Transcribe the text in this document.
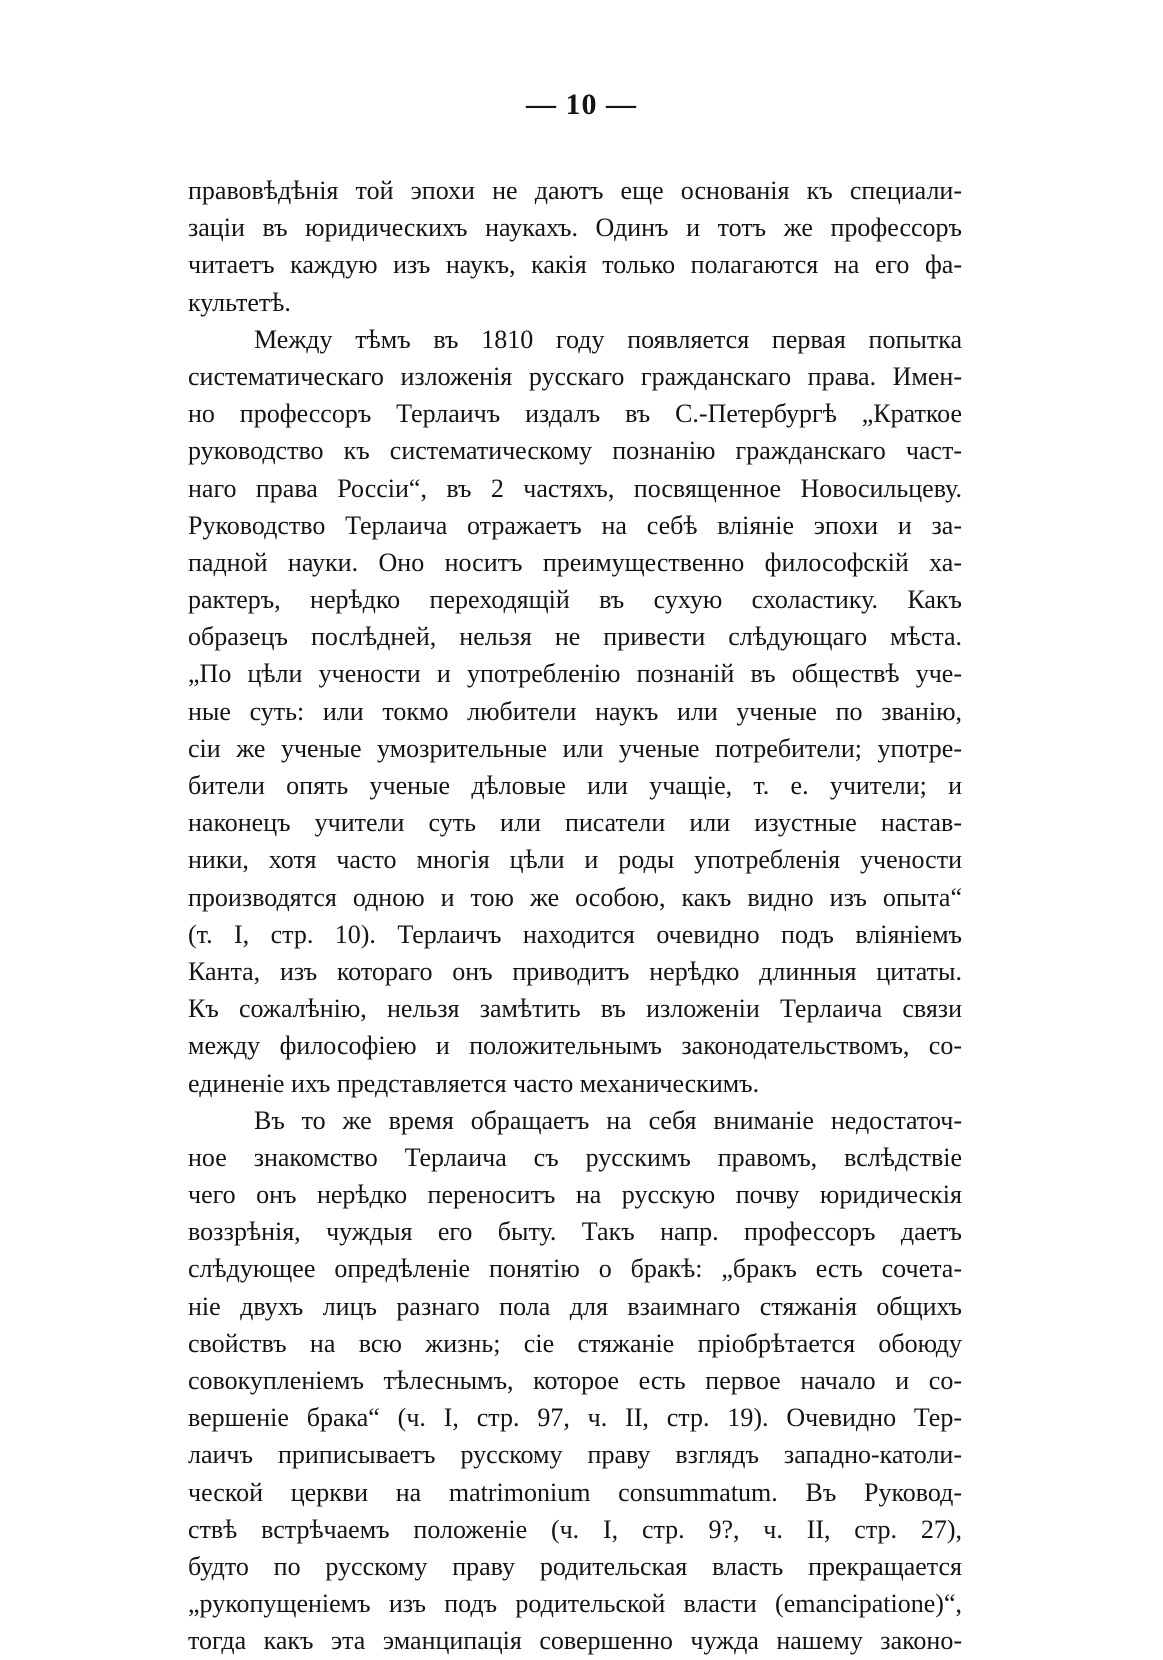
— 10 —
правовѣдѣнія той эпохи не даютъ еще основанія къ специали-
заціи въ юридическихъ наукахъ. Одинъ и тотъ же профессоръ
читаетъ каждую изъ наукъ, какія только полагаются на его фа-
культетѣ.
Между тѣмъ въ 1810 году появляется первая попытка
систематическаго изложенія русскаго гражданскаго права. Имен-
но профессоръ Терлаичъ издалъ въ С.-Петербургѣ „Краткое
руководство къ систематическому познанію гражданскаго част-
наго права Россіи“, въ 2 частяхъ, посвященное Новосильцеву.
Руководство Терлаича отражаетъ на себѣ вліяніе эпохи и за-
падной науки. Оно носитъ преимущественно философскій ха-
рактеръ, нерѣдко переходящій въ сухую схоластику. Какъ
образецъ послѣдней, нельзя не привести слѣдующаго мѣста.
„По цѣли учености и употребленію познаній въ обществѣ уче-
ные суть: или токмо любители наукъ или ученые по званію,
сіи же ученые умозрительные или ученые потребители; употре-
бители опять ученые дѣловые или учащіе, т. е. учители; и
наконецъ учители суть или писатели или изустные настав-
ники, хотя часто многія цѣли и роды употребленія учености
производятся одною и тою же особою, какъ видно изъ опыта“
(т. I, стр. 10). Терлаичъ находится очевидно подъ вліяніемъ
Канта, изъ котораго онъ приводитъ нерѣдко длинныя цитаты.
Къ сожалѣнію, нельзя замѣтить въ изложеніи Терлаича связи
между философіею и положительнымъ законодательствомъ, со-
единеніе ихъ представляется часто механическимъ.
Въ то же время обращаетъ на себя вниманіе недостаточ-
ное знакомство Терлаича съ русскимъ правомъ, вслѣдствіе
чего онъ нерѣдко переноситъ на русскую почву юридическія
воззрѣнія, чуждыя его быту. Такъ напр. профессоръ даетъ
слѣдующее опредѣленіе понятію о бракѣ: „бракъ есть сочета-
ніе двухъ лицъ разнаго пола для взаимнаго стяжанія общихъ
свойствъ на всю жизнь; сіе стяжаніе пріобрѣтается обоюду
совокупленіемъ тѣлеснымъ, которое есть первое начало и со-
вершеніе брака“ (ч. I, стр. 97, ч. II, стр. 19). Очевидно Тер-
лаичъ приписываетъ русскому праву взглядъ западно-католи-
ческой церкви на matrimonium consummatum. Въ Руковод-
ствѣ встрѣчаемъ положеніе (ч. I, стр. 9?, ч. II, стр. 27),
будто по русскому праву родительская власть прекращается
„рукопущеніемъ изъ подъ родительской власти (emancipatione)“,
тогда какъ эта эманципація совершенно чужда нашему законо-
